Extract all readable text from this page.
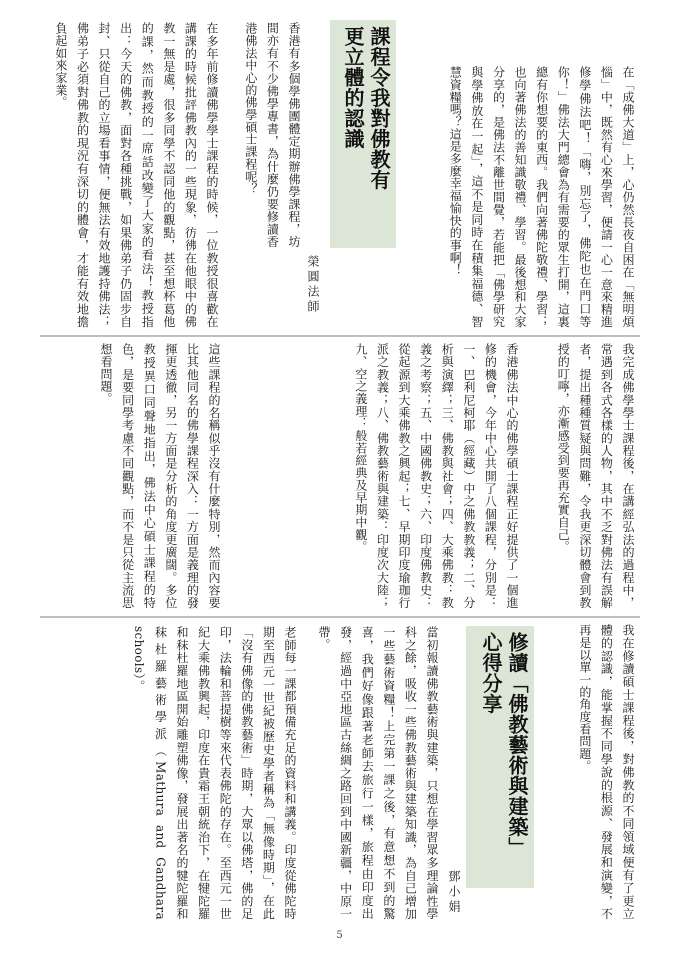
在「成佛大道」上，心仍然長夜自困在「無明煩惱」中，既然有心來學習，便請一心一意來精進修學佛法吧！「嗨，別忘了，佛陀也在門口等你！」佛法大門總會為有需要的眾生打開，這裏總有你想要的東西。我們向著佛陀敬禮、學習；也向著佛法的善知識敬禮、學習。最後想和大家分享的，是佛法不離世間覺，若能把「佛學研究與學佛放在一起」，這不是同時在積集福德、智慧資糧嗎？這是多麼幸福愉快的事啊！

課程令我對佛教有
更立體的認識
榮圓法師

香港有多個學佛團體定期辦佛學課程，坊間亦有不少佛學專書，為什麼仍要修讀香港佛法中心的佛學碩士課程呢？

在多年前修讀佛學學士課程的時候，一位教授很喜歡在講課的時候批評佛教內的一些現象，彷彿在他眼中的佛教一無是處，很多同學不認同他的觀點，甚至想杯葛他的課，然而教授的一席話改變了大家的看法！教授指出：今天的佛教，面對各種挑戰，如果佛弟子仍固步自封、只從自己的立場看事情，便無法有效地護持佛法；佛弟子必須對佛教的現況有深切的體會，才能有效地擔負起如來家業。

我完成佛學學士課程後，在講經弘法的過程中，常遇到各式各樣的人物，其中不乏對佛法有誤解者，提出種種質疑與問難，令我更深切體會到教授的叮嚀，亦漸感受到要再充實自己。

香港佛法中心的佛學碩士課程正好提供了一個進修的機會，今年中心共開了八個課程，分別是：一、巴利尼柯耶（經藏）中之佛教教義；二、分析與演繹；三、佛教與社會；四、大乘佛教：教義之考察；五、中國佛教史；六、印度佛教史：從起源到大乘佛教之興起；七、早期印度瑜珈行派之教義；八、佛教藝術與建築：印度次大陸；九、空之義理：般若經典及早期中觀。

這些課程的名稱似乎沒有什麼特別，然而內容要比其他同名的佛學課程深入：一方面是義理的發揮更透徹，另一方面是分析的角度更廣闊。多位教授異口同聲地指出，佛法中心碩士課程的特色，是要同學考慮不同觀點，而不是只從主流思想看問題。

我在修讀碩士課程後，對佛教的不同領域便有了更立體的認識，能掌握不同學說的根源、發展和演變，不再是以單一的角度看問題。

修讀「佛教藝術與建築」
心得分享
鄧小娟

當初報讀佛教藝術與建築，只想在學習眾多理論性學科之餘，吸收一些佛教藝術與建築知識，為自己增加一些藝術資糧！上完第一課之後，有意想不到的驚喜，我們好像跟著老師去旅行一樣，旅程由印度出發，經過中亞地區古絲綢之路回到中國新疆，中原一帶。

老師每一課都預備充足的資料和講義。印度從佛陀時期至西元一世紀被歷史學者稱為「無像時期」，在此「沒有佛像的佛教藝術」時期，大眾以佛塔，佛的足印，法輪和菩提樹等來代表佛陀的存在。至西元一世紀大乘佛教興起，印度在貴霜王朝統治下，在犍陀羅和秣杜羅地區開始雕塑佛像，發展出著名的犍陀羅和秣杜羅藝術學派（Mathura and Gandhara schools）。

5
